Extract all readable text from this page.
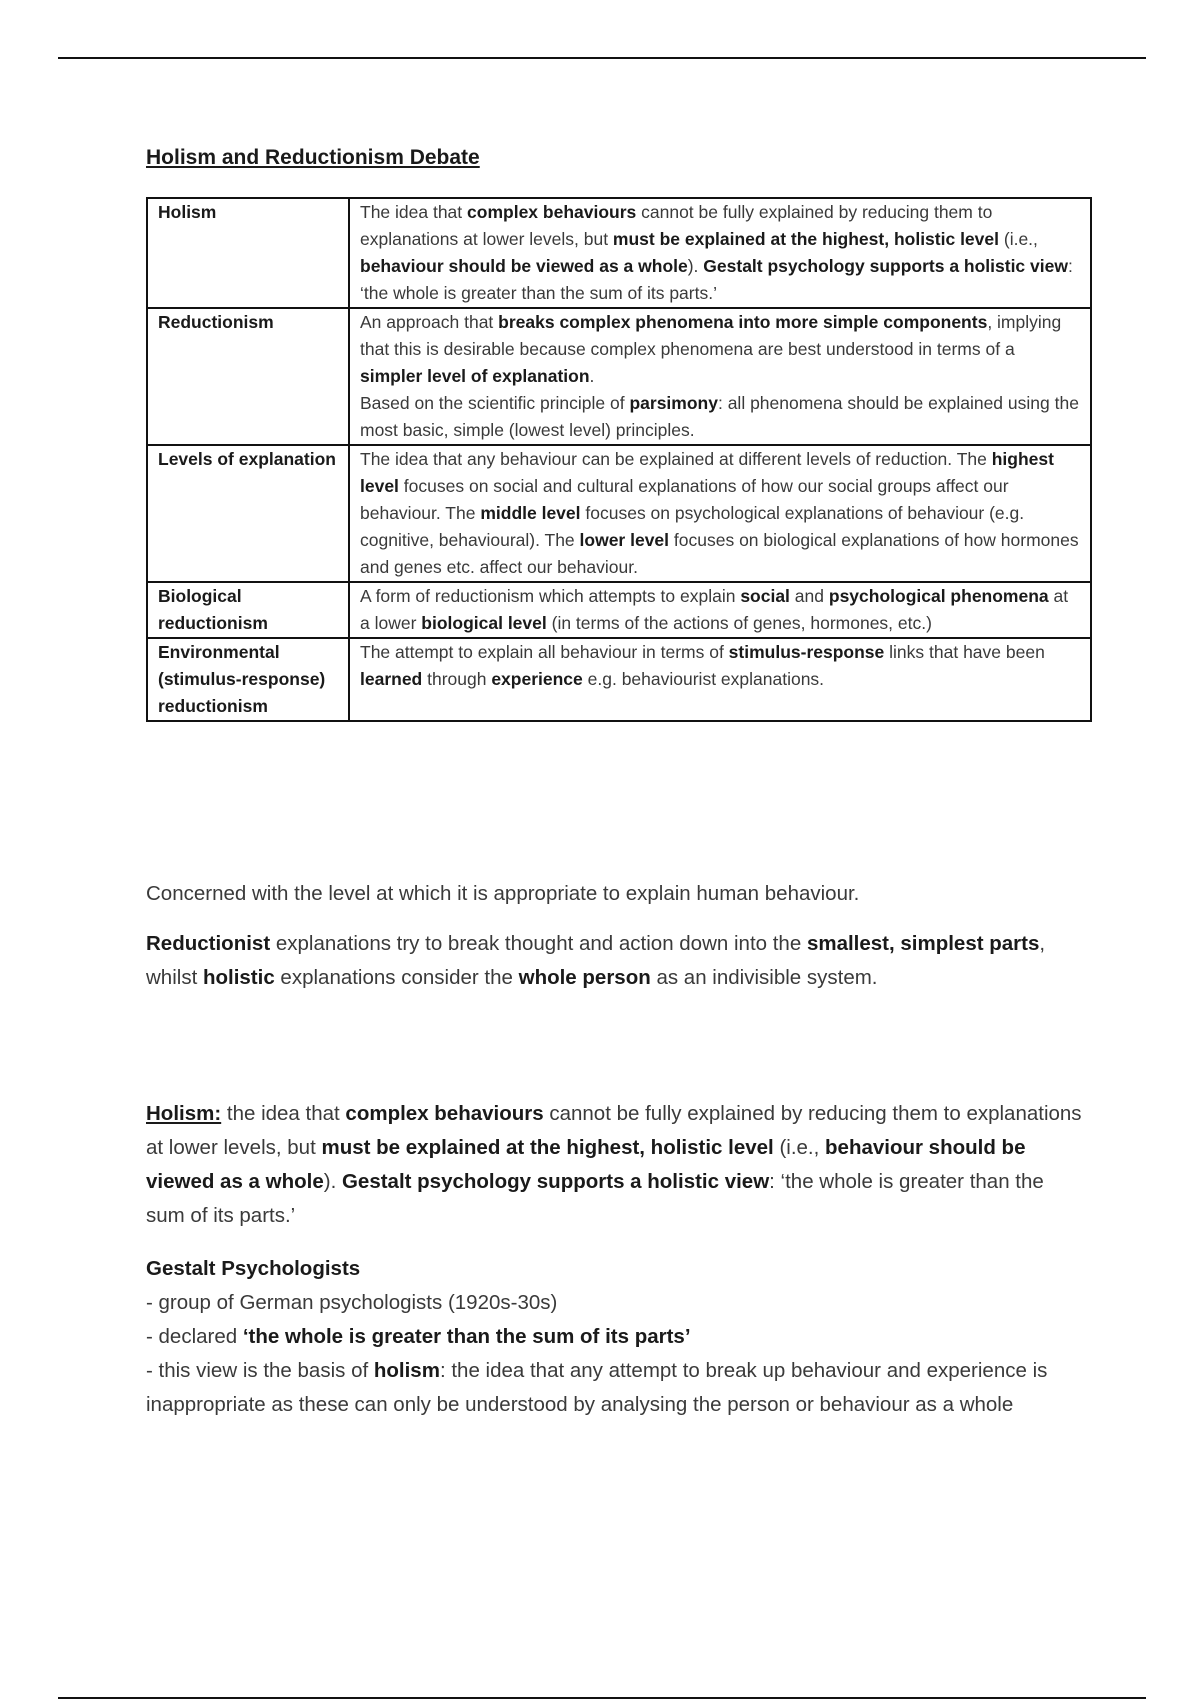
Holism and Reductionism Debate
Holism	The idea that complex behaviours cannot be fully explained by reducing them to explanations at lower levels, but must be explained at the highest, holistic level (i.e., behaviour should be viewed as a whole). Gestalt psychology supports a holistic view: ‘the whole is greater than the sum of its parts.’
Reductionism	An approach that breaks complex phenomena into more simple components, implying that this is desirable because complex phenomena are best understood in terms of a simpler level of explanation.
Based on the scientific principle of parsimony: all phenomena should be explained using the most basic, simple (lowest level) principles.
Levels of explanation	The idea that any behaviour can be explained at different levels of reduction. The highest level focuses on social and cultural explanations of how our social groups affect our behaviour. The middle level focuses on psychological explanations of behaviour (e.g. cognitive, behavioural). The lower level focuses on biological explanations of how hormones and genes etc. affect our behaviour.
Biological reductionism	A form of reductionism which attempts to explain social and psychological phenomena at a lower biological level (in terms of the actions of genes, hormones, etc.)
Environmental (stimulus-response) reductionism	The attempt to explain all behaviour in terms of stimulus-response links that have been learned through experience e.g. behaviourist explanations.
Concerned with the level at which it is appropriate to explain human behaviour.
Reductionist explanations try to break thought and action down into the smallest, simplest parts, whilst holistic explanations consider the whole person as an indivisible system.
Holism: the idea that complex behaviours cannot be fully explained by reducing them to explanations at lower levels, but must be explained at the highest, holistic level (i.e., behaviour should be viewed as a whole). Gestalt psychology supports a holistic view: ‘the whole is greater than the sum of its parts.’
Gestalt Psychologists
- group of German psychologists (1920s-30s)
- declared ‘the whole is greater than the sum of its parts’
- this view is the basis of holism: the idea that any attempt to break up behaviour and experience is inappropriate as these can only be understood by analysing the person or behaviour as a whole
